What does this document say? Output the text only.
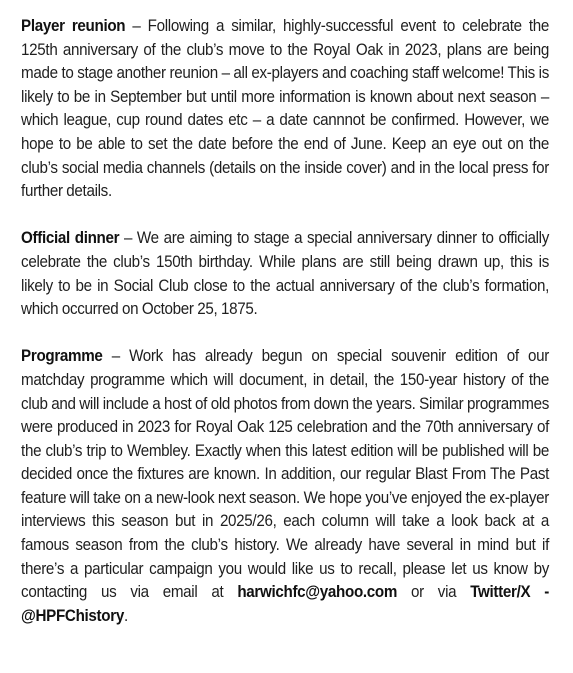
Player reunion – Following a similar, highly-successful event to celebrate the 125th anniversary of the club’s move to the Royal Oak in 2023, plans are being made to stage another reunion – all ex-players and coaching staff welcome! This is likely to be in September but until more information is known about next season – which league, cup round dates etc – a date cannnot be confirmed. However, we hope to be able to set the date before the end of June. Keep an eye out on the club’s social media channels (details on the inside cover) and in the local press for further details.

Official dinner – We are aiming to stage a special anniversary dinner to officially celebrate the club’s 150th birthday. While plans are still being drawn up, this is likely to be in Social Club close to the actual anniversary of the club’s formation, which occurred on October 25, 1875.

Programme – Work has already begun on special souvenir edition of our matchday programme which will document, in detail, the 150-year history of the club and will include a host of old photos from down the years. Similar programmes were produced in 2023 for Royal Oak 125 celebration and the 70th anniversary of the club’s trip to Wembley. Exactly when this latest edition will be published will be decided once the fixtures are known. In addition, our regular Blast From The Past feature will take on a new-look next season. We hope you’ve enjoyed the ex-player interviews this season but in 2025/26, each column will take a look back at a famous season from the club’s history. We already have several in mind but if there’s a particular campaign you would like us to recall, please let us know by contacting us via email at harwichfc@yahoo.com or via Twitter/X - @HPFChistory.
